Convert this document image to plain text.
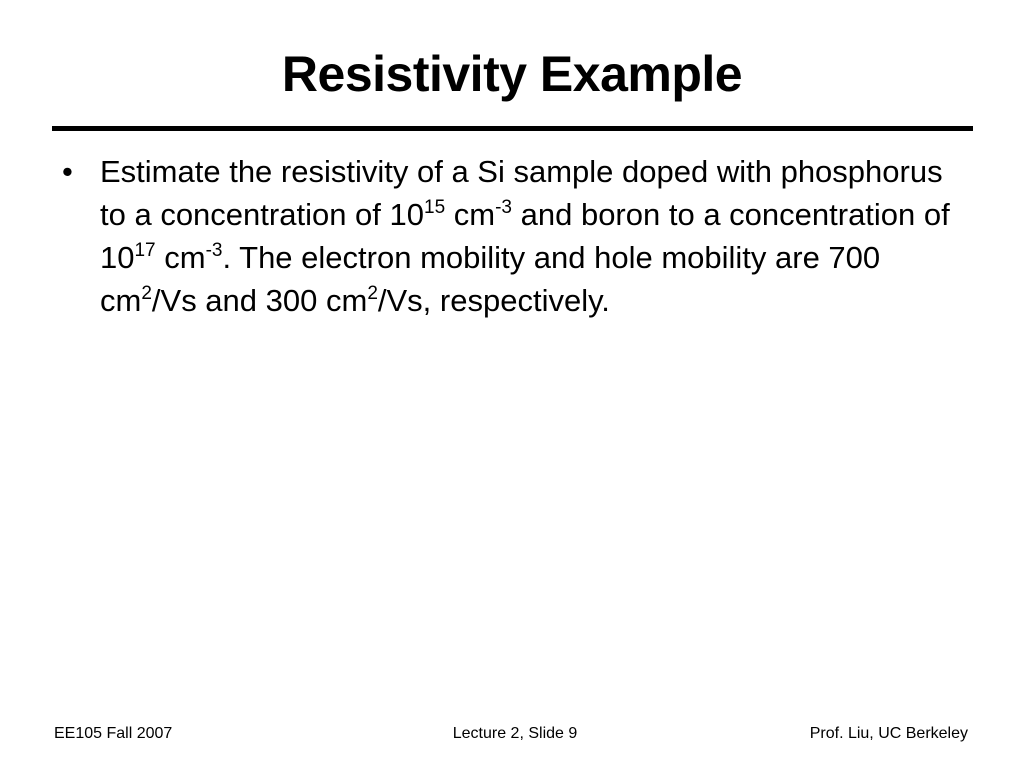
Resistivity Example
• Estimate the resistivity of a Si sample doped with phosphorus to a concentration of $10^{15}$ $cm^{-3}$ and boron to a concentration of $10^{17}$ $cm^{-3}$. The electron mobility and hole mobility are 700 $cm^2/Vs$ and 300 $cm^2/Vs$, respectively.
EE105 Fall 2007	Lecture 2, Slide 9	Prof. Liu, UC Berkeley
